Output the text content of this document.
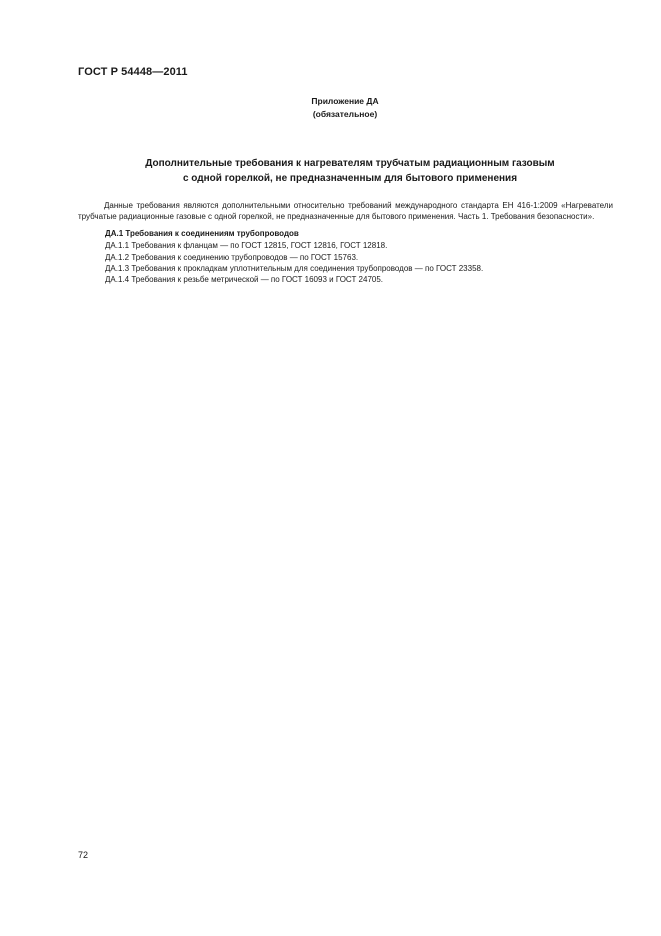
ГОСТ Р 54448—2011
Приложение ДА
(обязательное)
Дополнительные требования к нагревателям трубчатым радиационным газовым
с одной горелкой, не предназначенным для бытового применения

Данные требования являются дополнительными относительно требований международного стандарта ЕН 416-1:2009 «Нагреватели трубчатые радиационные газовые с одной горелкой, не предназначенные для бытового применения. Часть 1. Требования безопасности».

ДА.1 Требования к соединениям трубопроводов
ДА.1.1 Требования к фланцам — по ГОСТ 12815, ГОСТ 12816, ГОСТ 12818.
ДА.1.2 Требования к соединению трубопроводов — по ГОСТ 15763.
ДА.1.3 Требования к прокладкам уплотнительным для соединения трубопроводов — по ГОСТ 23358.
ДА.1.4 Требования к резьбе метрической — по ГОСТ 16093 и ГОСТ 24705.
72
